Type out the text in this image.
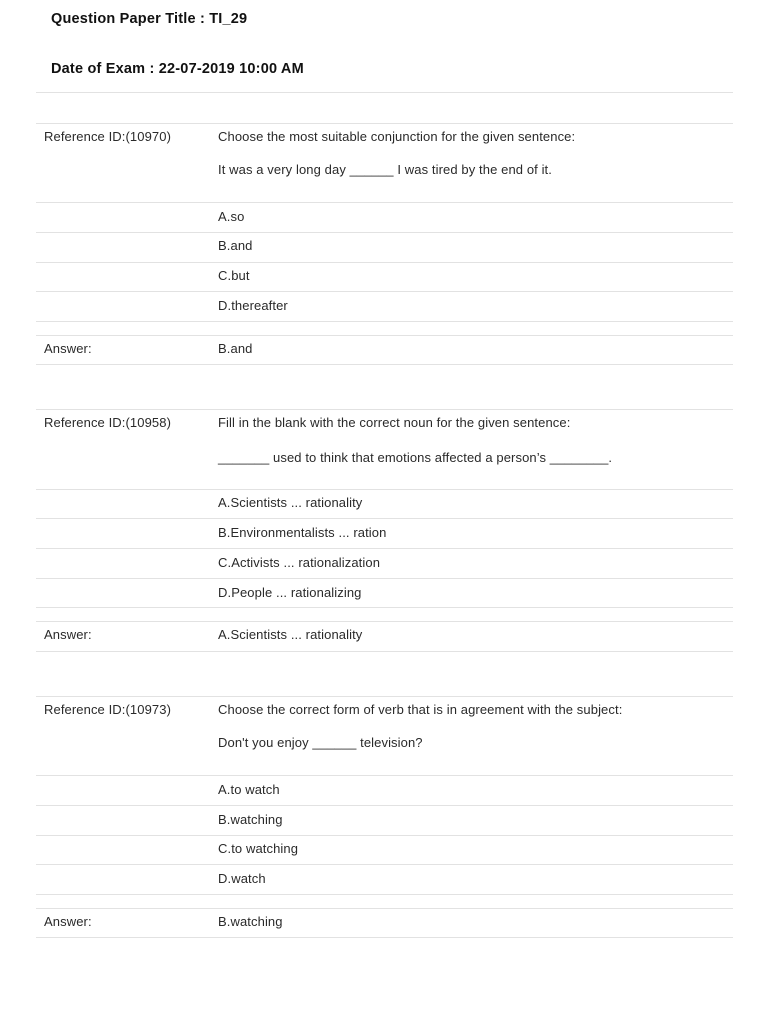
Question Paper Title : TI_29
Date of Exam : 22-07-2019 10:00 AM
Reference ID:(10970)	Choose the most suitable conjunction for the given sentence:
It was a very long day ______ I was tired by the end of it.
A.so
B.and
C.but
D.thereafter
Answer:	B.and
Reference ID:(10958)	Fill in the blank with the correct noun for the given sentence:
_______ used to think that emotions affected a person’s ________.
A.Scientists ... rationality
B.Environmentalists ... ration
C.Activists ... rationalization
D.People ... rationalizing
Answer:	A.Scientists ... rationality
Reference ID:(10973)	Choose the correct form of verb that is in agreement with the subject:
Don't you enjoy ______ television?
A.to watch
B.watching
C.to watching
D.watch
Answer:	B.watching
